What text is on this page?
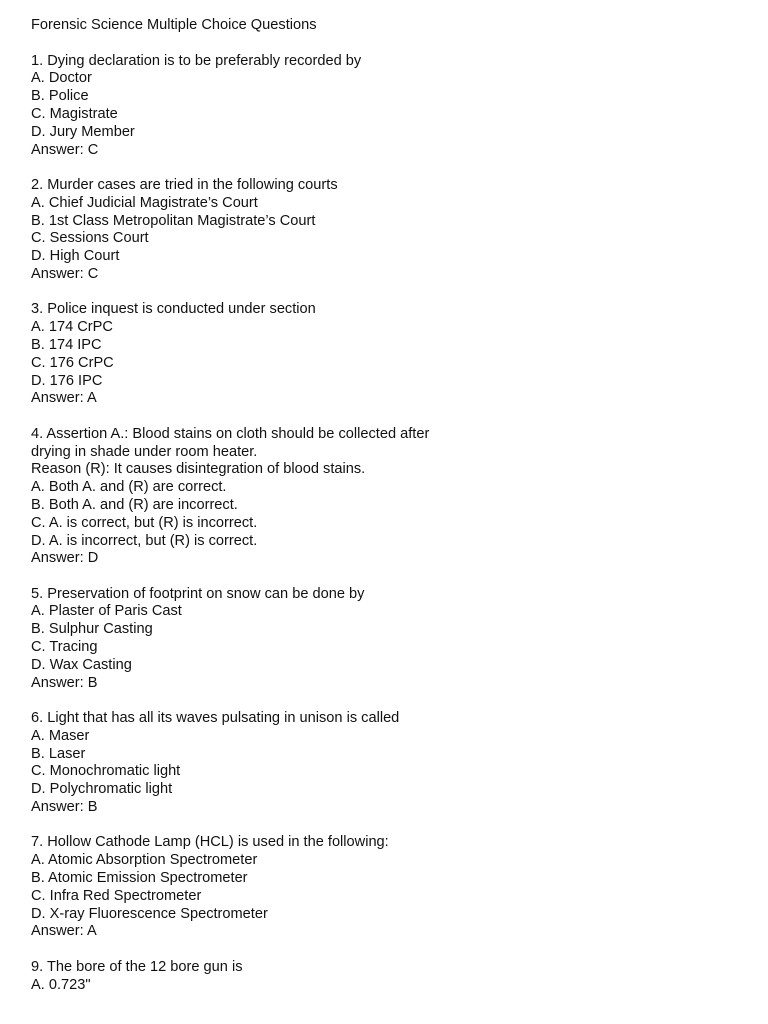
Forensic Science Multiple Choice Questions
1. Dying declaration is to be preferably recorded by
A. Doctor
B. Police
C. Magistrate
D. Jury Member
Answer: C
2. Murder cases are tried in the following courts
A. Chief Judicial Magistrate’s Court
B. 1st Class Metropolitan Magistrate’s Court
C. Sessions Court
D. High Court
Answer: C
3. Police inquest is conducted under section
A. 174 CrPC
B. 174 IPC
C. 176 CrPC
D. 176 IPC
Answer: A
4. Assertion A.: Blood stains on cloth should be collected after
drying in shade under room heater.
Reason (R): It causes disintegration of blood stains.
A. Both A. and (R) are correct.
B. Both A. and (R) are incorrect.
C. A. is correct, but (R) is incorrect.
D. A. is incorrect, but (R) is correct.
Answer: D
5. Preservation of footprint on snow can be done by
A. Plaster of Paris Cast
B. Sulphur Casting
C. Tracing
D. Wax Casting
Answer: B
6. Light that has all its waves pulsating in unison is called
A. Maser
B. Laser
C. Monochromatic light
D. Polychromatic light
Answer: B
7. Hollow Cathode Lamp (HCL) is used in the following:
A. Atomic Absorption Spectrometer
B. Atomic Emission Spectrometer
C. Infra Red Spectrometer
D. X-ray Fluorescence Spectrometer
Answer: A
9. The bore of the 12 bore gun is
A. 0.723"
